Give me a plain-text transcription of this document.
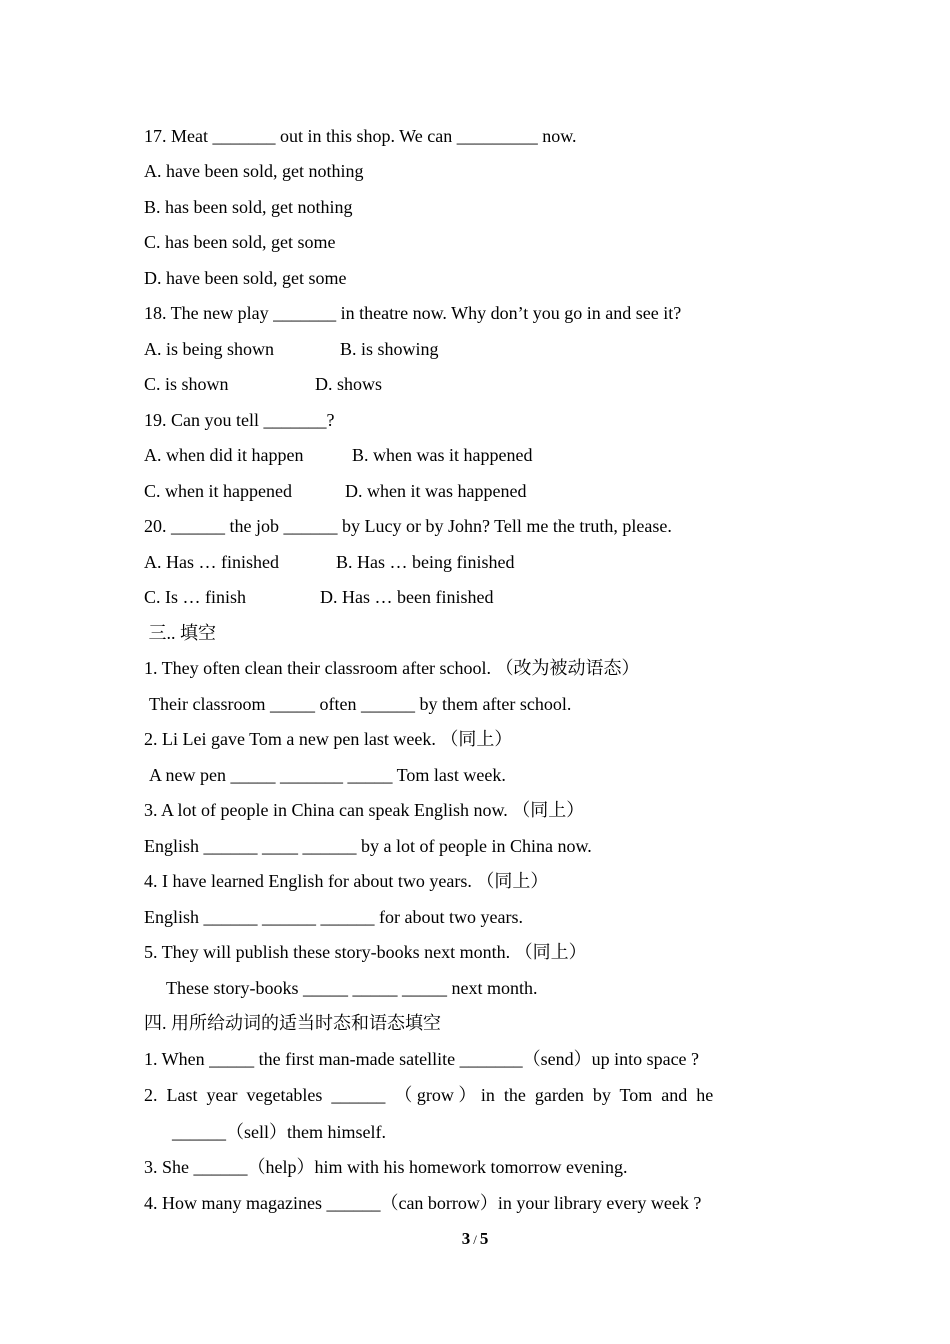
17. Meat _______ out in this shop. We can _________ now.
A. have been sold, get nothing
B. has been sold, get nothing
C. has been sold, get some
D. have been sold, get some
18. The new play _______ in theatre now. Why don’t you go in and see it?
A. is being shown	B. is showing
C. is shown	D. shows
19. Can you tell _______?
A. when did it happen	B. when was it happened
C. when it happened	D. when it was happened
20. ______ the job ______ by Lucy or by John? Tell me the truth, please.
A. Has … finished	B. Has … being finished
C. Is … finish	D. Has … been finished
三.. 填空
1. They often clean their classroom after school. （改为被动语态）
Their classroom _____ often ______ by them after school.
2. Li Lei gave Tom a new pen last week. （同上）
A new pen _____ _______ _____ Tom last week.
3. A lot of people in China can speak English now. （同上）
English ______ ____ ______ by a lot of people in China now.
4. I have learned English for about two years. （同上）
English ______ ______ ______ for about two years.
5. They will publish these story-books next month. （同上）
These story-books _____ _____ _____ next month.
四. 用所给动词的适当时态和语态填空
1. When _____ the first man-made satellite _______（send）up into space ?
2.  Last  year  vegetables  ______  （ grow ） in  the  garden  by  Tom  and  he
______（sell）them himself.
3. She ______（help）him with his homework tomorrow evening.
4. How many magazines ______（can borrow）in your library every week ?
3 / 5
